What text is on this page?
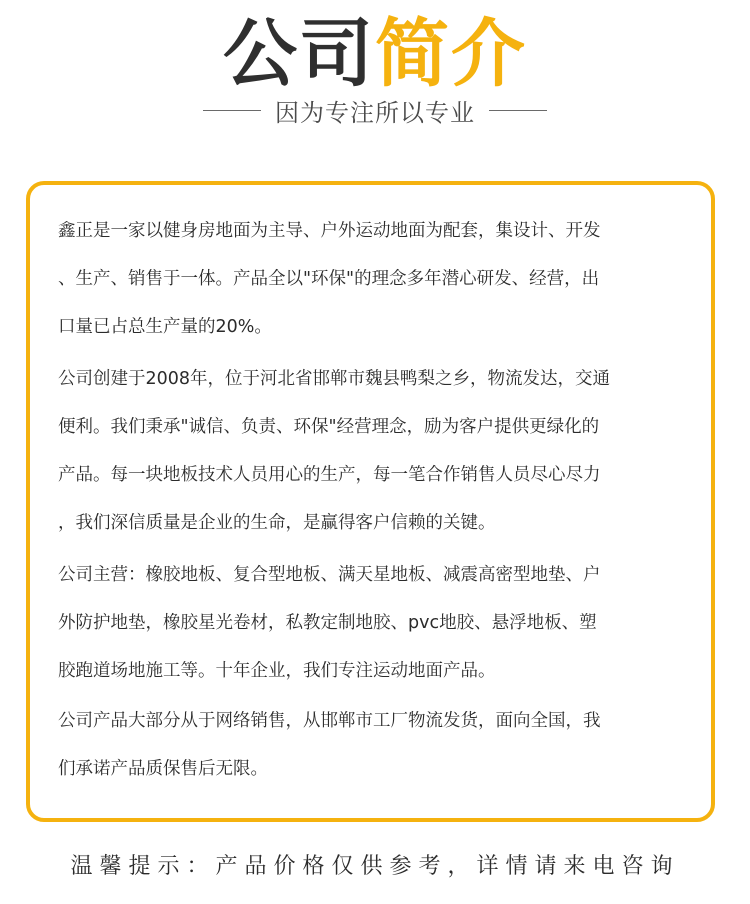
公司简介
因为专注所以专业
鑫正是一家以健身房地面为主导、户外运动地面为配套，集设计、开发
、生产、销售于一体。产品全以"环保"的理念多年潜心研发、经营，出
口量已占总生产量的20%。
公司创建于2008年，位于河北省邯郸市魏县鸭梨之乡，物流发达，交通
便利。我们秉承"诚信、负责、环保"经营理念，励为客户提供更绿化的
产品。每一块地板技术人员用心的生产，每一笔合作销售人员尽心尽力
，我们深信质量是企业的生命，是赢得客户信赖的关键。
公司主营：橡胶地板、复合型地板、满天星地板、减震高密型地垫、户
外防护地垫，橡胶星光卷材，私教定制地胶、pvc地胶、悬浮地板、塑
胶跑道场地施工等。十年企业，我们专注运动地面产品。
公司产品大部分从于网络销售，从邯郸市工厂物流发货，面向全国，我
们承诺产品质保售后无限。
温馨提示：产品价格仅供参考，详情请来电咨询
